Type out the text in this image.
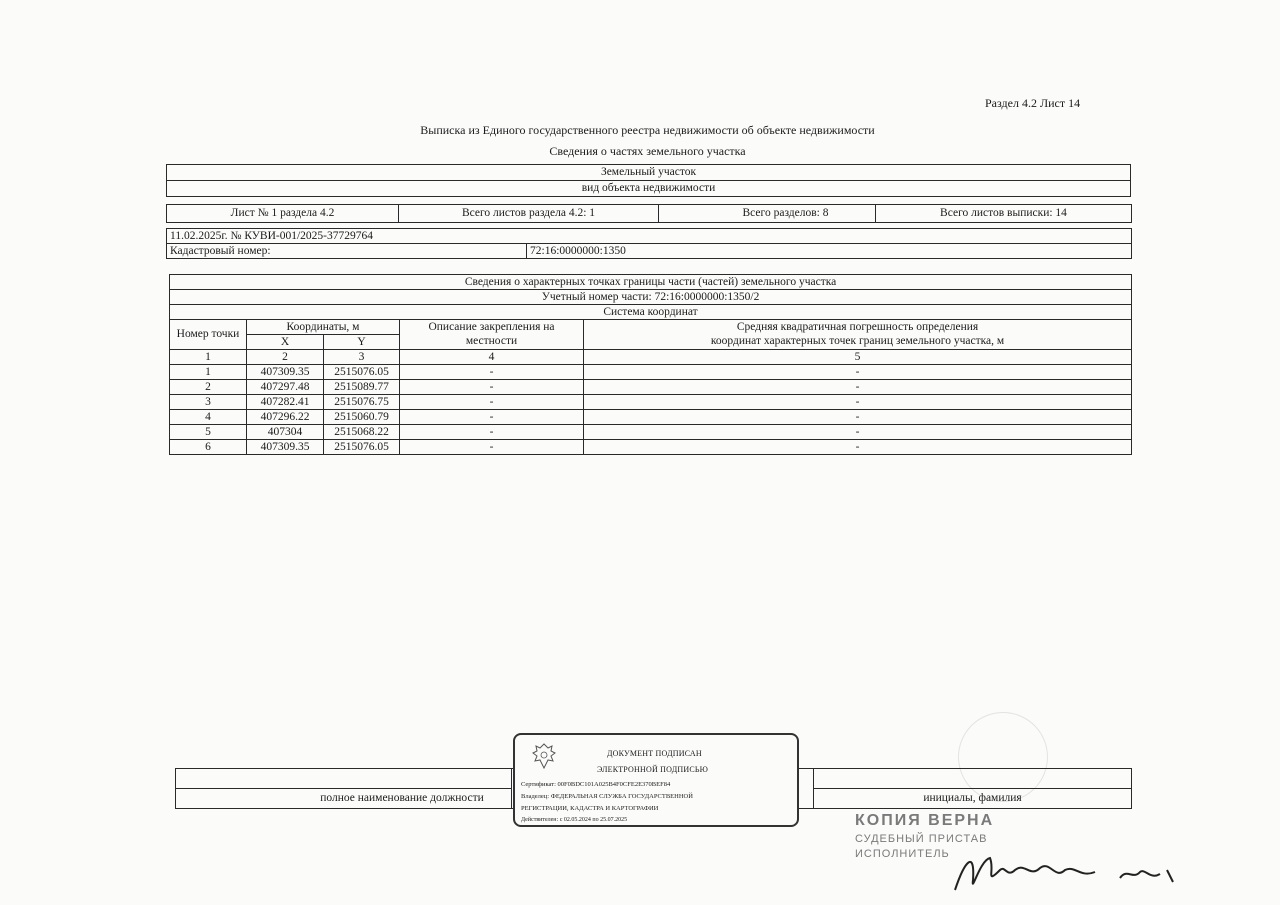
Раздел 4.2 Лист 14
Выписка из Единого государственного реестра недвижимости об объекте недвижимости
Сведения о частях земельного участка
Земельный участок
вид объекта недвижимости
Лист № 1 раздела 4.2	Всего листов раздела 4.2: 1	Всего разделов: 8	Всего листов выписки: 14
11.02.2025г. № КУВИ-001/2025-37729764
Кадастровый номер:	72:16:0000000:1350
Сведения о характерных точках границы части (частей) земельного участка				
Учетный номер части: 72:16:0000000:1350/2				
Система координат				
Номер точки	Координаты, м		Описание закрепления на местности	Средняя квадратичная погрешность определения
координат характерных точек границ земельного участка, м

	X	Y		
1	2	3	4	5
1	407309.35	2515076.05	-	-
2	407297.48	2515089.77	-	-
3	407282.41	2515076.75	-	-
4	407296.22	2515060.79	-	-
5	407304	2515068.22	-	-
6	407309.35	2515076.05	-	-

полное наименование должности		инициалы, фамилия
ДОКУМЕНТ ПОДПИСАН
ЭЛЕКТРОННОЙ ПОДПИСЬЮ
Сертификат: 00F0BDC101A025B4F0CFE2E370BEF84
Владелец: ФЕДЕРАЛЬНАЯ СЛУЖБА ГОСУДАРСТВЕННОЙ
РЕГИСТРАЦИИ, КАДАСТРА И КАРТОГРАФИИ
Действителен: с 02.05.2024 по 25.07.2025	КОПИЯ ВЕРНА
СУДЕБНЫЙ ПРИСТАВ
ИСПОЛНИТЕЛЬ
